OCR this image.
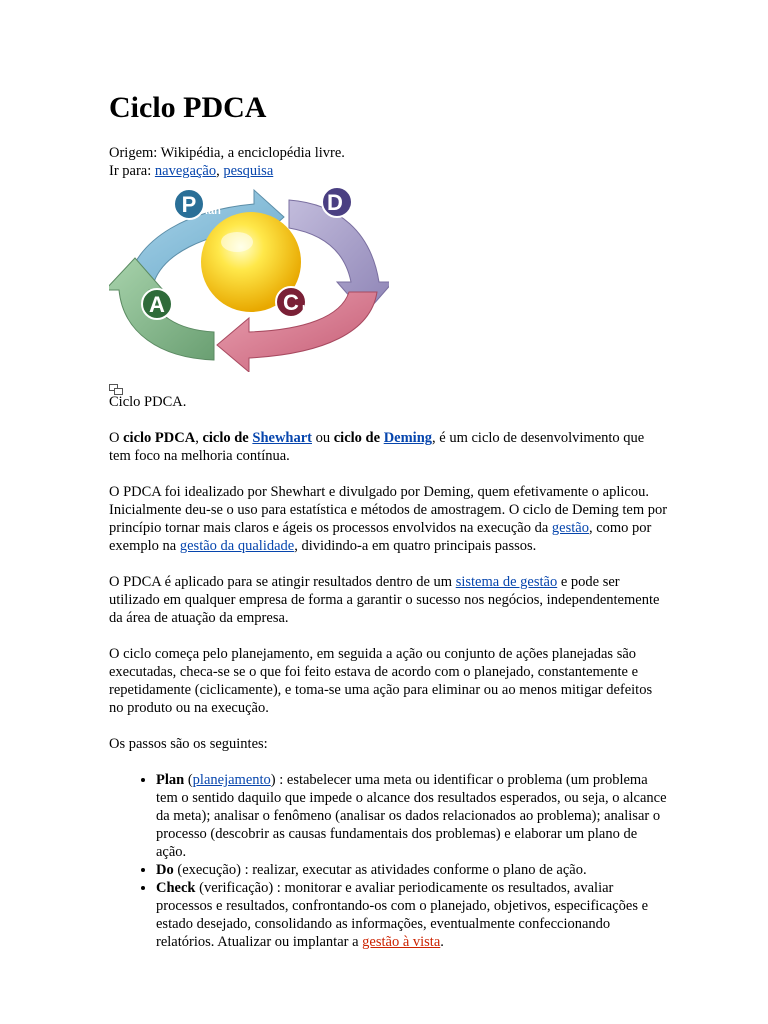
Ciclo PDCA

Origem: Wikipédia, a enciclopédia livre.

Ir para: navegação, pesquisa

P lan	D o
C heck
A ct

Ciclo PDCA.

O ciclo PDCA, ciclo de Shewhart ou ciclo de Deming, é um ciclo de desenvolvimento que tem foco na melhoria contínua.

O PDCA foi idealizado por Shewhart e divulgado por Deming, quem efetivamente o aplicou. Inicialmente deu-se o uso para estatística e métodos de amostragem. O ciclo de Deming tem por princípio tornar mais claros e ágeis os processos envolvidos na execução da gestão, como por exemplo na gestão da qualidade, dividindo-a em quatro principais passos.

O PDCA é aplicado para se atingir resultados dentro de um sistema de gestão e pode ser utilizado em qualquer empresa de forma a garantir o sucesso nos negócios, independentemente da área de atuação da empresa.

O ciclo começa pelo planejamento, em seguida a ação ou conjunto de ações planejadas são executadas, checa-se se o que foi feito estava de acordo com o planejado, constantemente e repetidamente (ciclicamente), e toma-se uma ação para eliminar ou ao menos mitigar defeitos no produto ou na execução.

Os passos são os seguintes:

• Plan (planejamento) : estabelecer uma meta ou identificar o problema (um problema tem o sentido daquilo que impede o alcance dos resultados esperados, ou seja, o alcance da meta); analisar o fenômeno (analisar os dados relacionados ao problema); analisar o processo (descobrir as causas fundamentais dos problemas) e elaborar um plano de ação.
• Do (execução) : realizar, executar as atividades conforme o plano de ação.
• Check (verificação) : monitorar e avaliar periodicamente os resultados, avaliar processos e resultados, confrontando-os com o planejado, objetivos, especificações e estado desejado, consolidando as informações, eventualmente confeccionando relatórios. Atualizar ou implantar a gestão à vista.
